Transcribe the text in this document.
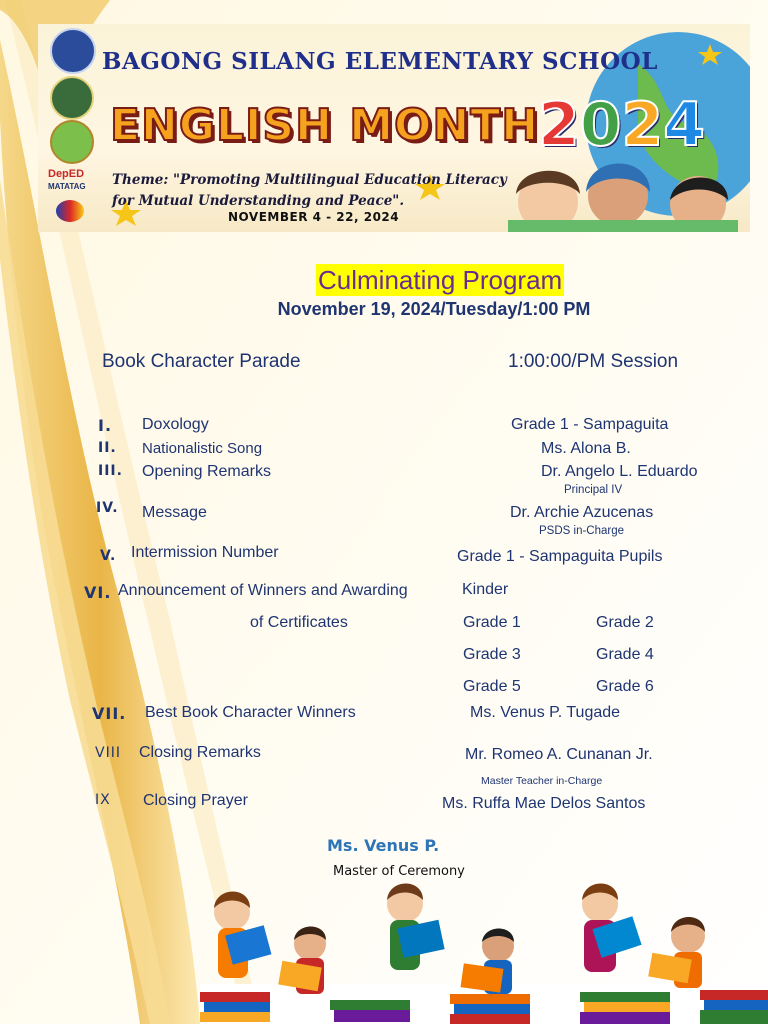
DepED
MATATAG
BAGONG SILANG ELEMENTARY SCHOOL
ENGLISH MONTH
2024
Theme: "Promoting Multilingual Education Literacy for Mutual Understanding and Peace".
NOVEMBER 4 - 22, 2024
Culminating Program
November 19, 2024/Tuesday/1:00 PM
Book Character Parade	1:00:00/PM Session
I. Doxology	Grade 1 - Sampaguita
II. Nationalistic Song	Ms. Alona B.
III. Opening Remarks	Dr. Angelo L. Eduardo
Principal IV
IV. Message	Dr. Archie Azucenas
PSDS in-Charge
V. Intermission Number	Grade 1 - Sampaguita Pupils
VI. Announcement of Winners and Awarding
of Certificates
Kinder
Grade 1	Grade 2
Grade 3	Grade 4
Grade 5	Grade 6
VII. Best Book Character Winners	Ms. Venus P. Tugade
VIII Closing Remarks	Mr. Romeo A. Cunanan Jr.
Master Teacher in-Charge
IX Closing Prayer	Ms. Ruffa Mae Delos Santos
Ms. Venus P.
Master of Ceremony
